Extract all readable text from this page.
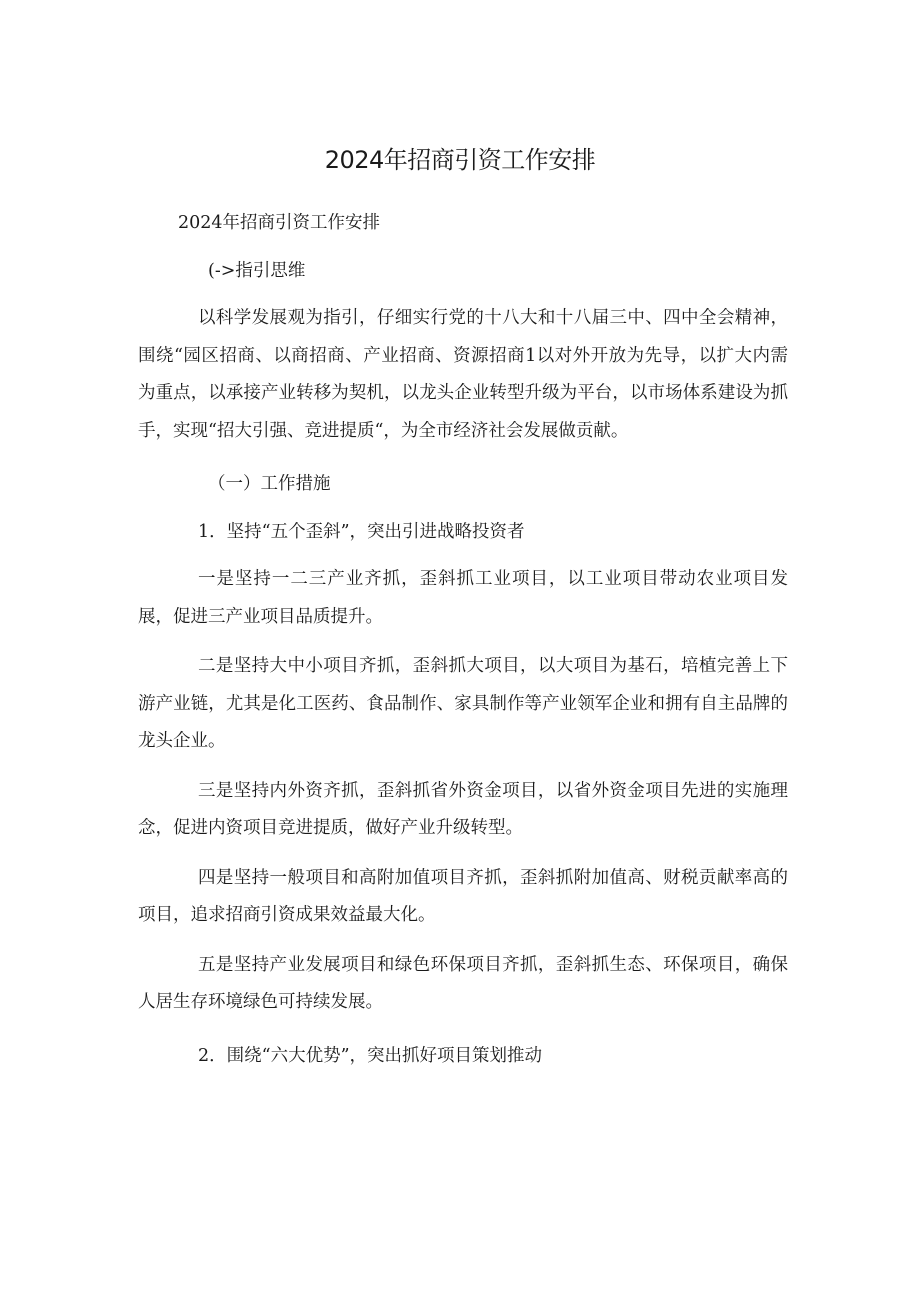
2024年招商引资工作安排

2024年招商引资工作安排

(->指引思维

以科学发展观为指引，仔细实行党的十八大和十八届三中、四中全会精神，围绕“园区招商、以商招商、产业招商、资源招商1以对外开放为先导，以扩大内需为重点，以承接产业转移为契机，以龙头企业转型升级为平台，以市场体系建设为抓手，实现“招大引强、竞进提质“，为全市经济社会发展做贡献。

（一）工作措施

1．坚持“五个歪斜”，突出引进战略投资者

一是坚持一二三产业齐抓，歪斜抓工业项目，以工业项目带动农业项目发展，促进三产业项目品质提升。

二是坚持大中小项目齐抓，歪斜抓大项目，以大项目为基石，培植完善上下游产业链，尤其是化工医药、食品制作、家具制作等产业领军企业和拥有自主品牌的龙头企业。

三是坚持内外资齐抓，歪斜抓省外资金项目，以省外资金项目先进的实施理念，促进内资项目竞进提质，做好产业升级转型。

四是坚持一般项目和高附加值项目齐抓，歪斜抓附加值高、财税贡献率高的项目，追求招商引资成果效益最大化。

五是坚持产业发展项目和绿色环保项目齐抓，歪斜抓生态、环保项目，确保人居生存环境绿色可持续发展。

2．围绕“六大优势”，突出抓好项目策划推动
